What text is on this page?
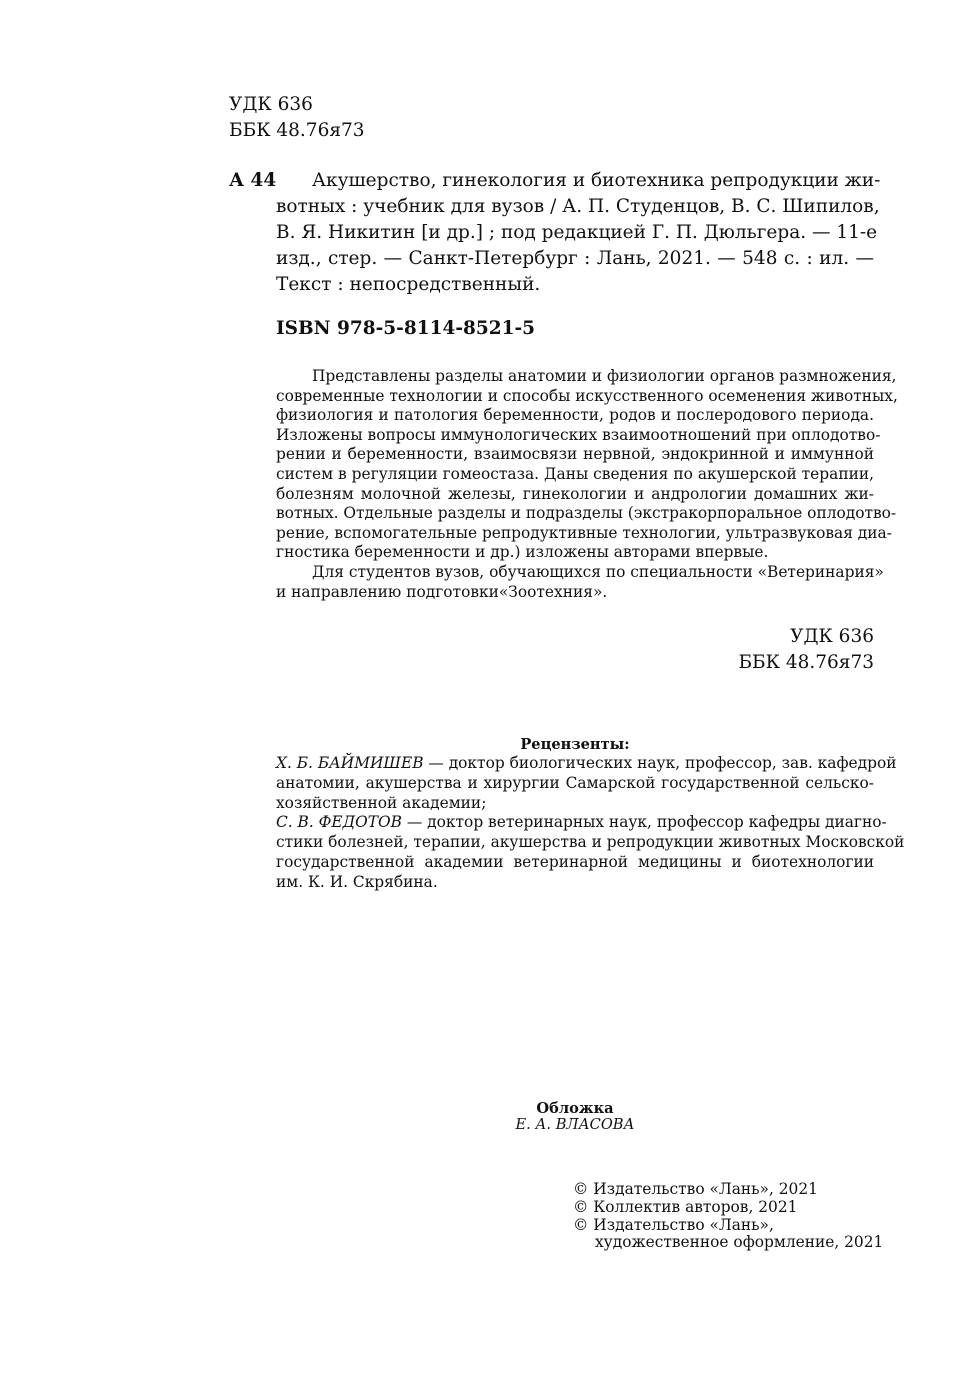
УДК 636
ББК 48.76я73
А 44	Акушерство, гинекология и биотехника репродукции жи-
вотных : учебник для вузов / А. П. Студенцов, В. С. Шипилов,
В. Я. Никитин [и др.] ; под редакцией Г. П. Дюльгера. — 11-е
изд., стер. — Санкт-Петербург : Лань, 2021. — 548 с. : ил. —
Текст : непосредственный.
ISBN 978-5-8114-8521-5
Представлены разделы анатомии и физиологии органов размножения,
современные технологии и способы искусственного осеменения животных,
физиология и патология беременности, родов и послеродового периода.
Изложены вопросы иммунологических взаимоотношений при оплодотво-
рении и беременности, взаимосвязи нервной, эндокринной и иммунной
систем в регуляции гомеостаза. Даны сведения по акушерской терапии,
болезням молочной железы, гинекологии и андрологии домашних жи-
вотных. Отдельные разделы и подразделы (экстракорпоральное оплодотво-
рение, вспомогательные репродуктивные технологии, ультразвуковая диа-
гностика беременности и др.) изложены авторами впервые.
Для студентов вузов, обучающихся по специальности «Ветеринария»
и направлению подготовки«Зоотехния».
УДК 636
ББК 48.76я73
Рецензенты:
Х. Б. БАЙМИШЕВ — доктор биологических наук, профессор, зав. кафедрой
анатомии, акушерства и хирургии Самарской государственной сельско-
хозяйственной академии;
С. В. ФЕДОТОВ — доктор ветеринарных наук, профессор кафедры диагно-
стики болезней, терапии, акушерства и репродукции животных Московской
государственной академии ветеринарной медицины и биотехнологии
им. К. И. Скрябина.
Обложка
Е. А. ВЛАСОВА
© Издательство «Лань», 2021
© Коллектив авторов, 2021
© Издательство «Лань»,
художественное оформление, 2021
